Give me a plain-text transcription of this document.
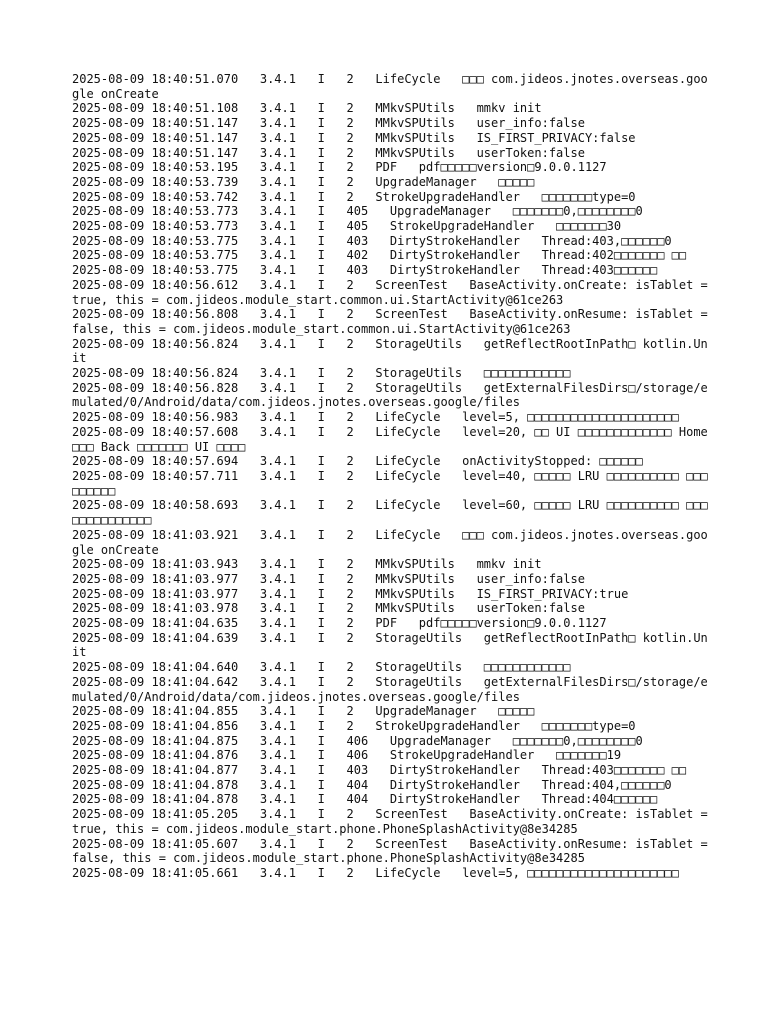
2025-08-09 18:40:51.070   3.4.1   I   2   LifeCycle   □□□ com.jideos.jnotes.overseas.google onCreate
2025-08-09 18:40:51.108   3.4.1   I   2   MMkvSPUtils   mmkv init
2025-08-09 18:40:51.147   3.4.1   I   2   MMkvSPUtils   user_info:false
2025-08-09 18:40:51.147   3.4.1   I   2   MMkvSPUtils   IS_FIRST_PRIVACY:false
2025-08-09 18:40:51.147   3.4.1   I   2   MMkvSPUtils   userToken:false
2025-08-09 18:40:53.195   3.4.1   I   2   PDF   pdf□□□□□version□9.0.0.1127
2025-08-09 18:40:53.739   3.4.1   I   2   UpgradeManager   □□□□□
2025-08-09 18:40:53.742   3.4.1   I   2   StrokeUpgradeHandler   □□□□□□□type=0
2025-08-09 18:40:53.773   3.4.1   I   405   UpgradeManager   □□□□□□□0,□□□□□□□□0
2025-08-09 18:40:53.773   3.4.1   I   405   StrokeUpgradeHandler   □□□□□□□30
2025-08-09 18:40:53.775   3.4.1   I   403   DirtyStrokeHandler   Thread:403,□□□□□□0
2025-08-09 18:40:53.775   3.4.1   I   402   DirtyStrokeHandler   Thread:402□□□□□□□ □□
2025-08-09 18:40:53.775   3.4.1   I   403   DirtyStrokeHandler   Thread:403□□□□□□
2025-08-09 18:40:56.612   3.4.1   I   2   ScreenTest   BaseActivity.onCreate: isTablet = true, this = com.jideos.module_start.common.ui.StartActivity@61ce263
2025-08-09 18:40:56.808   3.4.1   I   2   ScreenTest   BaseActivity.onResume: isTablet = false, this = com.jideos.module_start.common.ui.StartActivity@61ce263
2025-08-09 18:40:56.824   3.4.1   I   2   StorageUtils   getReflectRootInPath□ kotlin.Unit
2025-08-09 18:40:56.824   3.4.1   I   2   StorageUtils   □□□□□□□□□□□□
2025-08-09 18:40:56.828   3.4.1   I   2   StorageUtils   getExternalFilesDirs□/storage/emulated/0/Android/data/com.jideos.jnotes.overseas.google/files
2025-08-09 18:40:56.983   3.4.1   I   2   LifeCycle   level=5, □□□□□□□□□□□□□□□□□□□□□
2025-08-09 18:40:57.608   3.4.1   I   2   LifeCycle   level=20, □□ UI □□□□□□□□□□□□□ Home □□□ Back □□□□□□□ UI □□□□
2025-08-09 18:40:57.694   3.4.1   I   2   LifeCycle   onActivityStopped: □□□□□□
2025-08-09 18:40:57.711   3.4.1   I   2   LifeCycle   level=40, □□□□□ LRU □□□□□□□□□□ □□□□□□□□□
2025-08-09 18:40:58.693   3.4.1   I   2   LifeCycle   level=60, □□□□□ LRU □□□□□□□□□□ □□□□□□□□□□□□□□
2025-08-09 18:41:03.921   3.4.1   I   2   LifeCycle   □□□ com.jideos.jnotes.overseas.google onCreate
2025-08-09 18:41:03.943   3.4.1   I   2   MMkvSPUtils   mmkv init
2025-08-09 18:41:03.977   3.4.1   I   2   MMkvSPUtils   user_info:false
2025-08-09 18:41:03.977   3.4.1   I   2   MMkvSPUtils   IS_FIRST_PRIVACY:true
2025-08-09 18:41:03.978   3.4.1   I   2   MMkvSPUtils   userToken:false
2025-08-09 18:41:04.635   3.4.1   I   2   PDF   pdf□□□□□version□9.0.0.1127
2025-08-09 18:41:04.639   3.4.1   I   2   StorageUtils   getReflectRootInPath□ kotlin.Unit
2025-08-09 18:41:04.640   3.4.1   I   2   StorageUtils   □□□□□□□□□□□□
2025-08-09 18:41:04.642   3.4.1   I   2   StorageUtils   getExternalFilesDirs□/storage/emulated/0/Android/data/com.jideos.jnotes.overseas.google/files
2025-08-09 18:41:04.855   3.4.1   I   2   UpgradeManager   □□□□□
2025-08-09 18:41:04.856   3.4.1   I   2   StrokeUpgradeHandler   □□□□□□□type=0
2025-08-09 18:41:04.875   3.4.1   I   406   UpgradeManager   □□□□□□□0,□□□□□□□□0
2025-08-09 18:41:04.876   3.4.1   I   406   StrokeUpgradeHandler   □□□□□□□19
2025-08-09 18:41:04.877   3.4.1   I   403   DirtyStrokeHandler   Thread:403□□□□□□□ □□
2025-08-09 18:41:04.878   3.4.1   I   404   DirtyStrokeHandler   Thread:404,□□□□□□0
2025-08-09 18:41:04.878   3.4.1   I   404   DirtyStrokeHandler   Thread:404□□□□□□
2025-08-09 18:41:05.205   3.4.1   I   2   ScreenTest   BaseActivity.onCreate: isTablet = true, this = com.jideos.module_start.phone.PhoneSplashActivity@8e34285
2025-08-09 18:41:05.607   3.4.1   I   2   ScreenTest   BaseActivity.onResume: isTablet = false, this = com.jideos.module_start.phone.PhoneSplashActivity@8e34285
2025-08-09 18:41:05.661   3.4.1   I   2   LifeCycle   level=5, □□□□□□□□□□□□□□□□□□□□□
